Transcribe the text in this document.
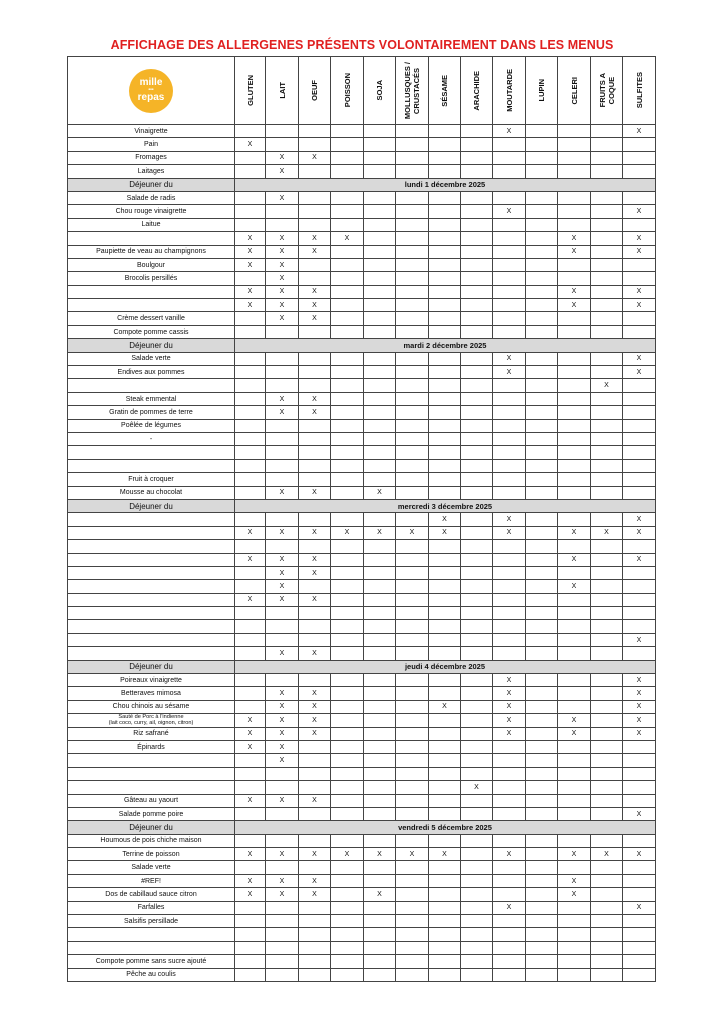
AFFICHAGE DES ALLERGENES PRÉSENTS VOLONTAIREMENT DANS LES MENUS
mille
•••
repas	GLUTEN	LAIT	OEUF	POISSON	SOJA	MOLLUSQUES /
CRUSTACÉS	SÉSAME	ARACHIDE	MOUTARDE	LUPIN	CELERI	FRUITS A
COQUE	SULFITES

Vinaigrette									X				X
Pain	X												
Fromages		X	X										
Laitages		X											
Déjeuner du	lundi 1 décembre 2025												
Salade de radis		X											
Chou rouge vinaigrette									X				X
Laitue													
	X	X	X	X							X		X
Paupiette de veau au champignons	X	X	X								X		X
Boulgour	X	X											
Brocolis persillés		X											
	X	X	X								X		X
	X	X	X								X		X
Crème dessert vanille		X	X										
Compote pomme cassis													
Déjeuner du	mardi 2 décembre 2025												
Salade verte									X				X
Endives aux pommes									X				X
												X	
Steak emmental		X	X										
Gratin de pommes de terre		X	X										
Poêlée de légumes													
-													

Fruit à croquer													
Mousse au chocolat		X	X		X								
Déjeuner du	mercredi 3 décembre 2025												
							X		X				X
	X	X	X	X	X	X	X		X		X	X	X

	X	X	X								X		X
		X	X										
		X									X		
	X	X	X										

													X
		X	X										
Déjeuner du	jeudi 4 décembre 2025												
Poireaux vinaigrette									X				X
Betteraves mimosa		X	X						X				X
Chou chinois au sésame		X	X				X		X				X
Sauté de Porc à l'indienne
(lait coco, curry, ail, oignon, citron)	X	X	X						X		X		X
Riz safrané	X	X	X						X		X		X
Épinards	X	X											
		X											

								X					
Gâteau au yaourt	X	X	X										
Salade pomme poire													X
Déjeuner du	vendredi 5 décembre 2025												
Houmous de pois chiche maison													
Terrine de poisson	X	X	X	X	X	X	X		X		X	X	X
Salade verte													
#REF!	X	X	X								X		
Dos de cabillaud sauce citron	X	X	X		X						X		
Farfalles									X				X
Salsifis persillade													

Compote pomme sans sucre ajouté													
Pêche au coulis													
